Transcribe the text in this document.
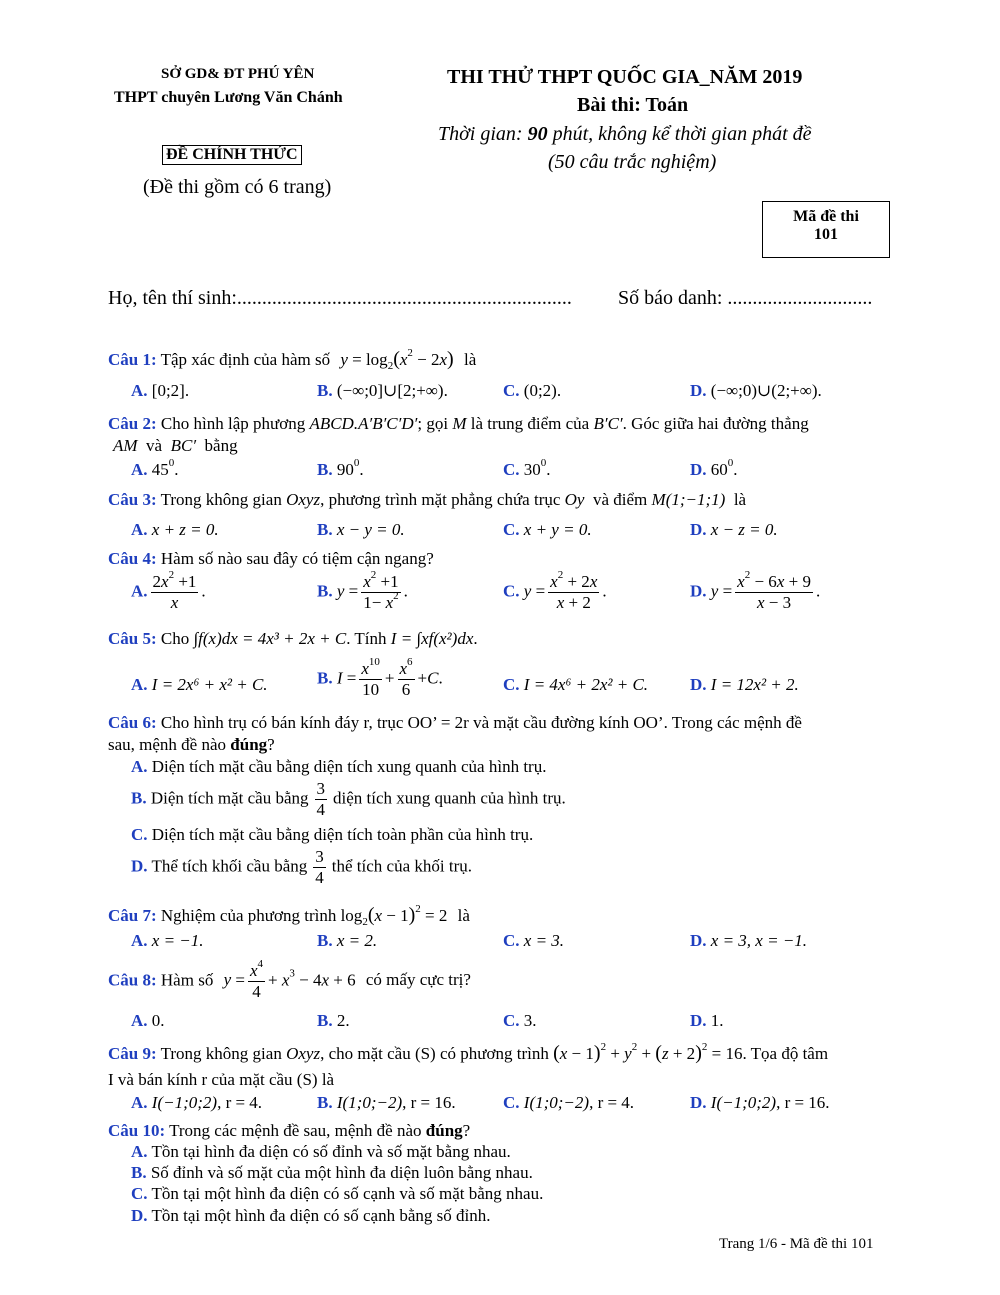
SỞ GD& ĐT PHÚ YÊN
THPT chuyên Lương Văn Chánh
ĐỀ CHÍNH THỨC
(Đề thi gồm có 6 trang)
THI THỬ THPT QUỐC GIA_NĂM 2019
Bài thi: Toán
Thời gian: 90 phút, không kể thời gian phát đề
(50 câu trắc nghiệm)
Mã đề thi
101
Họ, tên thí sinh:................................................................... Số báo danh: .............................
Câu 1: Tập xác định của hàm số $y = \log_2(x^2 - 2x)$ là
A. [0;2].	B. (−∞;0]∪[2;+∞).	C. (0;2).	D. (−∞;0)∪(2;+∞).
Câu 2: Cho hình lập phương ABCD.A′B′C′D′; gọi M là trung điểm của B′C′. Góc giữa hai đường thẳng
AM và BC′ bằng
A. $45^0$.	B. $90^0$.	C. $30^0$.	D. $60^0$.
Câu 3: Trong không gian Oxyz, phương trình mặt phẳng chứa trục Oy và điểm M(1;−1;1) là
A. x + z = 0.	B. x − y = 0.	C. x + y = 0.	D. x − z = 0.
Câu 4: Hàm số nào sau đây có tiệm cận ngang?
A. $\frac{2x^2 +1}{x}$ .	B. $y = \frac{x^2 +1}{1- x^2}$ .	C. $y = \frac{x^2 + 2x}{x + 2}$ .	D. $y = \frac{x^2 - 6x + 9}{x - 3}$ .
Câu 5: Cho ∫f(x)dx = 4x³ + 2x + C. Tính I = ∫xf(x²)dx.
A. I = 2x⁶ + x² + C.	B. $I = \frac{x^{10}}{10} + \frac{x^6}{6} +C$.	C. I = 4x⁶ + 2x² + C. D. I = 12x² + 2.
Câu 6: Cho hình trụ có bán kính đáy r, trục OO’ = 2r và mặt cầu đường kính OO’. Trong các mệnh đề
sau, mệnh đề nào đúng?
A. Diện tích mặt cầu bằng diện tích xung quanh của hình trụ.
B. Diện tích mặt cầu bằng $\frac{3}{4}$ diện tích xung quanh của hình trụ.
C. Diện tích mặt cầu bằng diện tích toàn phần của hình trụ.
D. Thể tích khối cầu bằng $\frac{3}{4}$ thể tích của khối trụ.
Câu 7: Nghiệm của phương trình $\log_2(x - 1)^2 = 2$ là
A. x = −1.	B. x = 2.	C. x = 3.	D. x = 3, x = −1.
Câu 8: Hàm số $y = \frac{x^4}{4} + x^3 - 4x + 6$ có mấy cực trị?
A. 0.	B. 2.	C. 3.	D. 1.
Câu 9: Trong không gian Oxyz, cho mặt cầu (S) có phương trình $(x - 1)^2 + y^2 + (z + 2)^2 = 16$. Tọa độ tâm
I và bán kính r của mặt cầu (S) là
A. I(−1;0;2), r = 4.	B. I(1;0;−2), r = 16.	C. I(1;0;−2), r = 4.	D. I(−1;0;2), r = 16.
Câu 10: Trong các mệnh đề sau, mệnh đề nào đúng?
A. Tồn tại hình đa diện có số đỉnh và số mặt bằng nhau.
B. Số đỉnh và số mặt của một hình đa diện luôn bằng nhau.
C. Tồn tại một hình đa diện có số cạnh và số mặt bằng nhau.
D. Tồn tại một hình đa diện có số cạnh bằng số đỉnh.
Trang 1/6 - Mã đề thi 101
